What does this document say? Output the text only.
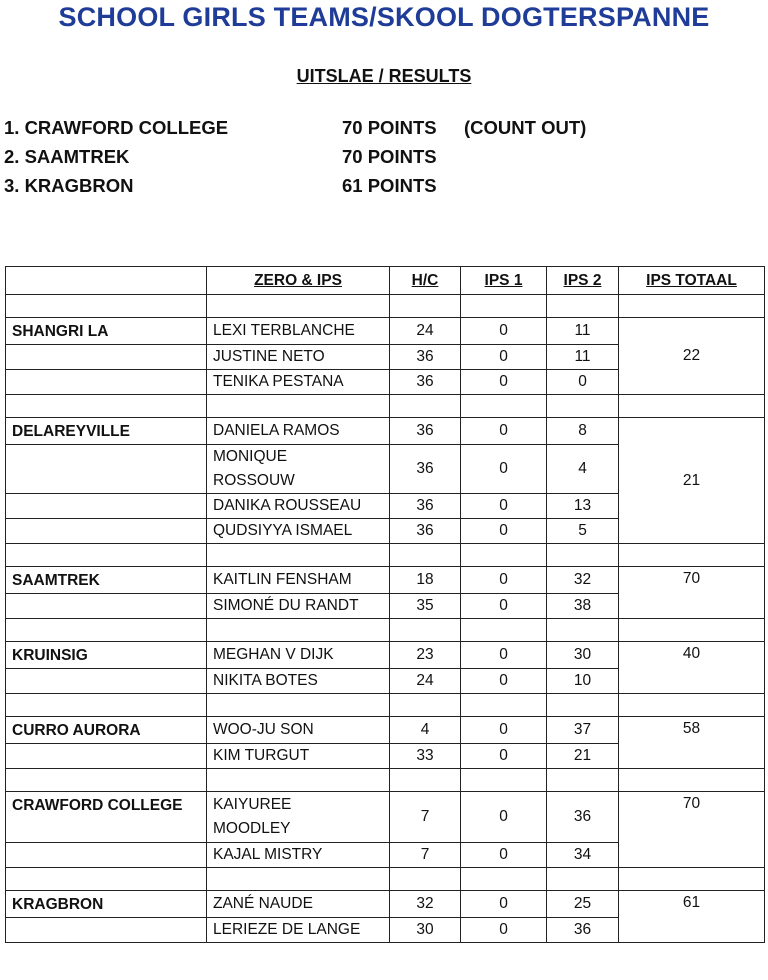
SCHOOL GIRLS TEAMS/SKOOL DOGTERSPANNE
UITSLAE / RESULTS
1. CRAWFORD COLLEGE	70 POINTS (COUNT OUT)
2. SAAMTREK	70 POINTS
3. KRAGBRON	61 POINTS
	ZERO & IPS	H/C	IPS 1	IPS 2	IPS TOTAAL

SHANGRI LA	LEXI TERBLANCHE	24	0	11	22
	JUSTINE NETO	36	0	11	
	TENIKA PESTANA	36	0	0	

DELAREYVILLE	DANIELA RAMOS	36	0	8	21
	MONIQUE
ROSSOUW	36	0	4	
	DANIKA ROUSSEAU	36	0	13	
	QUDSIYYA ISMAEL	36	0	5	

SAAMTREK	KAITLIN FENSHAM	18	0	32	70
	SIMONÉ DU RANDT	35	0	38	

KRUINSIG	MEGHAN V DIJK	23	0	30	40
	NIKITA BOTES	24	0	10	

CURRO AURORA	WOO-JU SON	4	0	37	58
	KIM TURGUT	33	0	21	

CRAWFORD COLLEGE	KAIYUREE
MOODLEY	7	0	36	70
	KAJAL MISTRY	7	0	34	

KRAGBRON	ZANÉ NAUDE	32	0	25	61
	LERIEZE DE LANGE	30	0	36	
